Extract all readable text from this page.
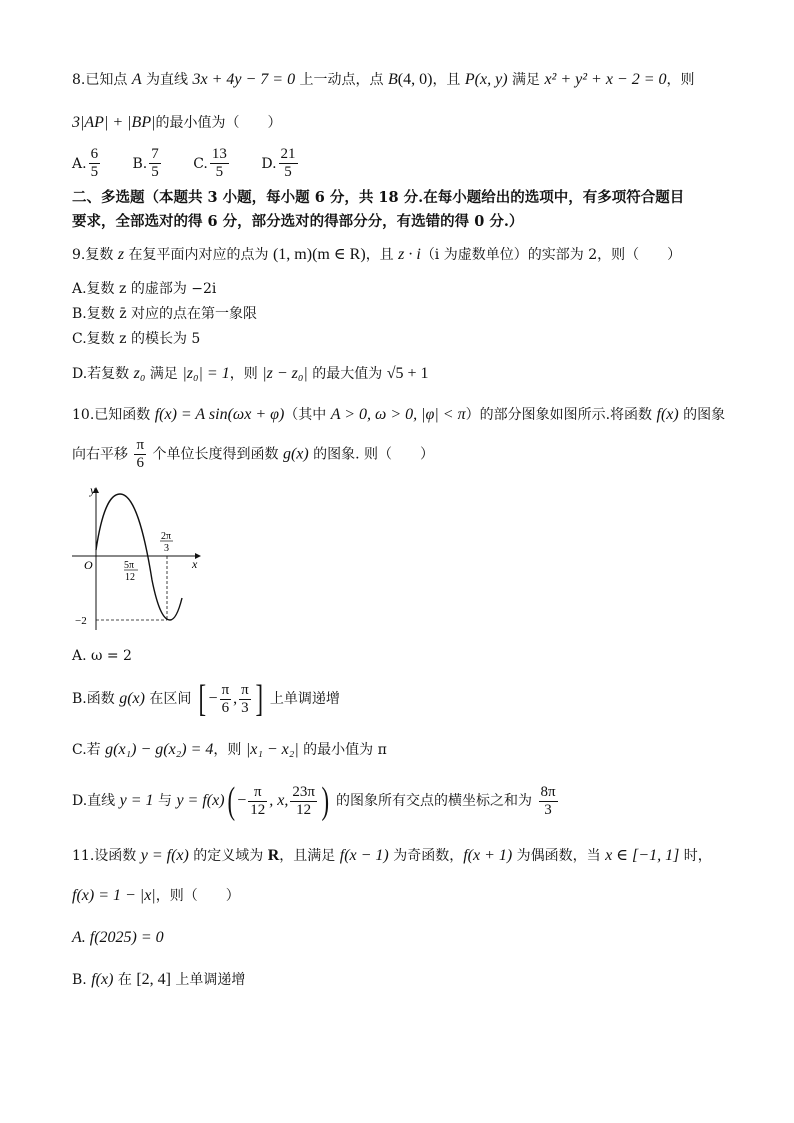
8.已知点 A 为直线 3x + 4y − 7 = 0 上一动点，点 B(4, 0)，且 P(x, y) 满足 x² + y² + x − 2 = 0，则
3|AP| + |BP|的最小值为（　　）
A. $\frac{6}{5} B$. $\frac{7}{5} C$. $\frac{13}{5} D$. $\frac{21}{5}$
二、多选题（本题共 3 小题，每小题 6 分，共 18 分.在每小题给出的选项中，有多项符合题目
要求，全部选对的得 6 分，部分选对的得部分分，有选错的得 0 分.）
9.复数 z 在复平面内对应的点为 (1, m)(m ∈ R)，且 z · i（i 为虚数单位）的实部为 2，则（　　）
A.复数 z 的虚部为 −2i
B.复数 z̄ 对应的点在第一象限
C.复数 z 的模长为 5
D.若复数 z₀ 满足 |z₀| = 1，则 |z − z₀| 的最大值为 √5 + 1
10.已知函数 f(x) = A sin(ωx + φ)（其中 A > 0, ω > 0, |φ| < π）的部分图象如图所示.将函数 f(x) 的图象
向右平移 $\frac{\pi}{6}$ 个单位长度得到函数 g(x) 的图象. 则（　　）
y
x
O	5π
12
2π
3
−2
A. ω = 2
B.函数 g(x) 在区间 [ − $\frac{\pi}{6}$ , $\frac{\pi}{3}$ ] 上单调递增
C.若 g(x₁) − g(x₂) = 4，则 |x₁ − x₂| 的最小值为 π
D.直线 y = 1 与 $y = f(x)( - \frac{\pi}{12}$ , x, $\frac{23\pi}{12}$ ) 的图象所有交点的横坐标之和为 $\frac{8\pi}{3}$
11.设函数 y = f(x) 的定义域为 R，且满足 f(x − 1) 为奇函数，f(x + 1) 为偶函数，当 x ∈ [−1, 1] 时，
f(x) = 1 − |x|，则（　　）
A. f(2025) = 0
B. f(x) 在 [2, 4] 上单调递增
